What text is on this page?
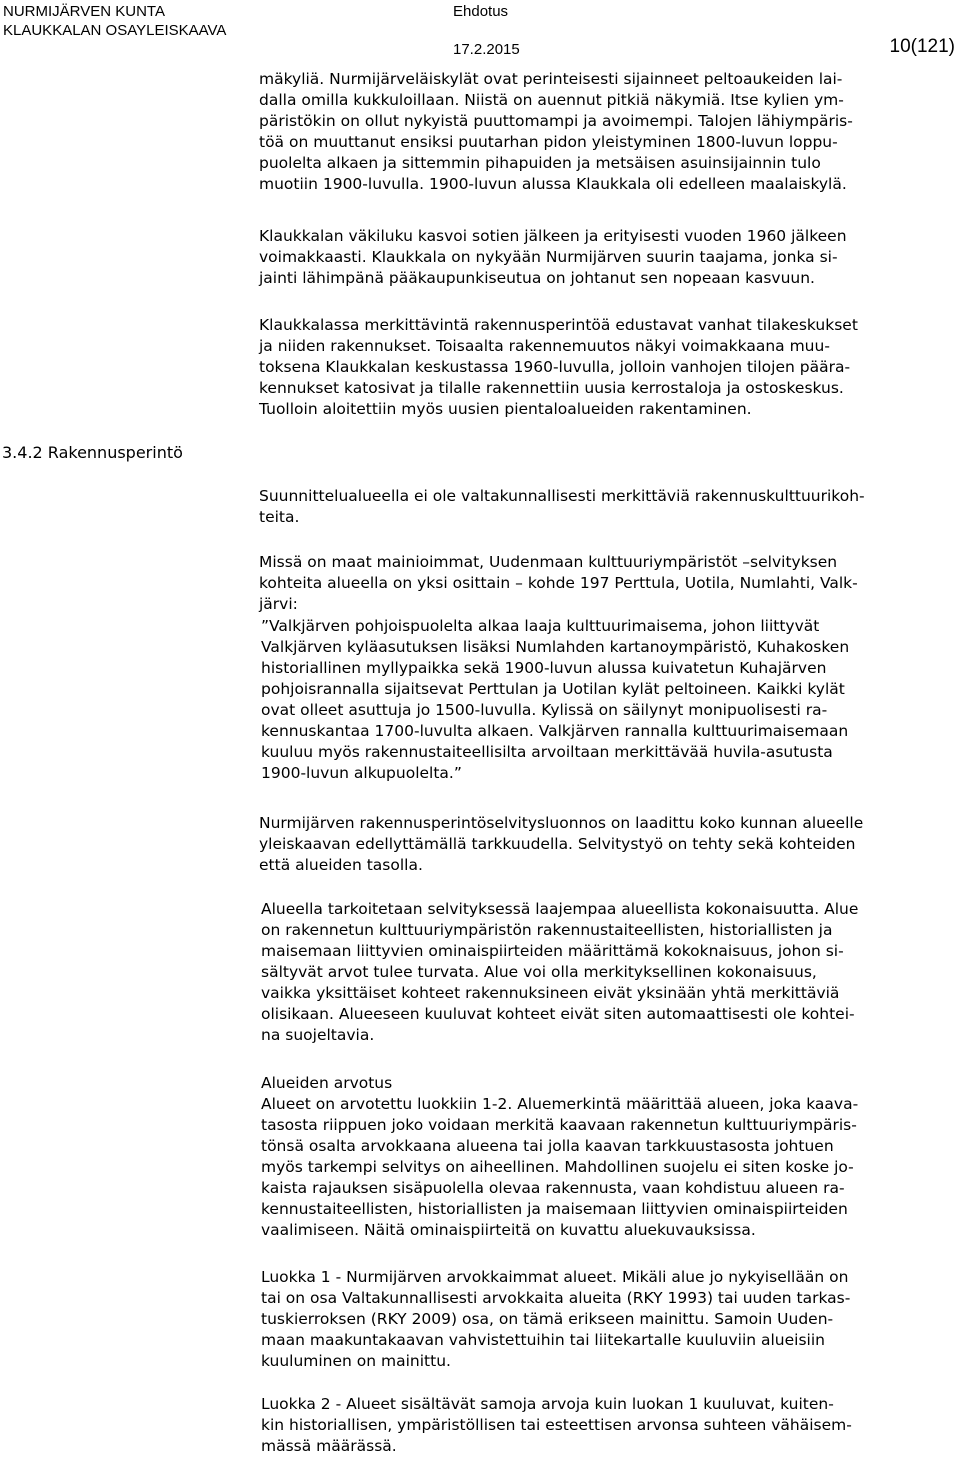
NURMIJÄRVEN KUNTA
KLAUKKALAN OSAYLEISKAAVA
Ehdotus
17.2.2015	10(121)
3.4.2 Rakennusperintö

mäkyliä. Nurmijärveläiskylät ovat perinteisesti sijainneet peltoaukeiden lai-
dalla omilla kukkuloillaan. Niistä on auennut pitkiä näkymiä. Itse kylien ym-
päristökin on ollut nykyistä puuttomampi ja avoimempi. Talojen lähiympäris-
töä on muuttanut ensiksi puutarhan pidon yleistyminen 1800-luvun loppu-
puolelta alkaen ja sittemmin pihapuiden ja metsäisen asuinsijainnin tulo
muotiin 1900-luvulla. 1900-luvun alussa Klaukkala oli edelleen maalaiskylä.

Klaukkalan väkiluku kasvoi sotien jälkeen ja erityisesti vuoden 1960 jälkeen
voimakkaasti. Klaukkala on nykyään Nurmijärven suurin taajama, jonka si-
jainti lähimpänä pääkaupunkiseutua on johtanut sen nopeaan kasvuun.

Klaukkalassa merkittävintä rakennusperintöä edustavat vanhat tilakeskukset
ja niiden rakennukset. Toisaalta rakennemuutos näkyi voimakkaana muu-
toksena Klaukkalan keskustassa 1960-luvulla, jolloin vanhojen tilojen päära-
kennukset katosivat ja tilalle rakennettiin uusia kerrostaloja ja ostoskeskus.
Tuolloin aloitettiin myös uusien pientaloalueiden rakentaminen.

Suunnittelualueella ei ole valtakunnallisesti merkittäviä rakennuskulttuurikoh-
teita.

Missä on maat mainioimmat, Uudenmaan kulttuuriympäristöt –selvityksen
kohteita alueella on yksi osittain – kohde 197 Perttula, Uotila, Numlahti, Valk-
järvi:

”Valkjärven pohjoispuolelta alkaa laaja kulttuurimaisema, johon liittyvät
Valkjärven kyläasutuksen lisäksi Numlahden kartanoympäristö, Kuhakosken
historiallinen myllypaikka sekä 1900-luvun alussa kuivatetun Kuhajärven
pohjoisrannalla sijaitsevat Perttulan ja Uotilan kylät peltoineen. Kaikki kylät
ovat olleet asuttuja jo 1500-luvulla. Kylissä on säilynyt monipuolisesti ra-
kennuskantaa 1700-luvulta alkaen. Valkjärven rannalla kulttuurimaisemaan
kuuluu myös rakennustaiteellisilta arvoiltaan merkittävää huvila-asutusta
1900-luvun alkupuolelta.”

Nurmijärven rakennusperintöselvitysluonnos on laadittu koko kunnan alueelle
yleiskaavan edellyttämällä tarkkuudella. Selvitystyö on tehty sekä kohteiden
että alueiden tasolla.

Alueella tarkoitetaan selvityksessä laajempaa alueellista kokonaisuutta. Alue
on rakennetun kulttuuriympäristön rakennustaiteellisten, historiallisten ja
maisemaan liittyvien ominaispiirteiden määrittämä kokoknaisuus, johon si-
sältyvät arvot tulee turvata. Alue voi olla merkityksellinen kokonaisuus,
vaikka yksittäiset kohteet rakennuksineen eivät yksinään yhtä merkittäviä
olisikaan. Alueeseen kuuluvat kohteet eivät siten automaattisesti ole kohtei-
na suojeltavia.

Alueiden arvotus

Alueet on arvotettu luokkiin 1-2. Aluemerkintä määrittää alueen, joka kaava-
tasosta riippuen joko voidaan merkitä kaavaan rakennetun kulttuuriympäris-
tönsä osalta arvokkaana alueena tai jolla kaavan tarkkuustasosta johtuen
myös tarkempi selvitys on aiheellinen. Mahdollinen suojelu ei siten koske jo-
kaista rajauksen sisäpuolella olevaa rakennusta, vaan kohdistuu alueen ra-
kennustaiteellisten, historiallisten ja maisemaan liittyvien ominaispiirteiden
vaalimiseen. Näitä ominaispiirteitä on kuvattu aluekuvauksissa.

Luokka 1 - Nurmijärven arvokkaimmat alueet. Mikäli alue jo nykyisellään on
tai on osa Valtakunnallisesti arvokkaita alueita (RKY 1993) tai uuden tarkas-
tuskierroksen (RKY 2009) osa, on tämä erikseen mainittu. Samoin Uuden-
maan maakuntakaavan vahvistettuihin tai liitekartalle kuuluviin alueisiin
kuuluminen on mainittu.

Luokka 2 - Alueet sisältävät samoja arvoja kuin luokan 1 kuuluvat, kuiten-
kin historiallisen, ympäristöllisen tai esteettisen arvonsa suhteen vähäisem-
mässä määrässä.
